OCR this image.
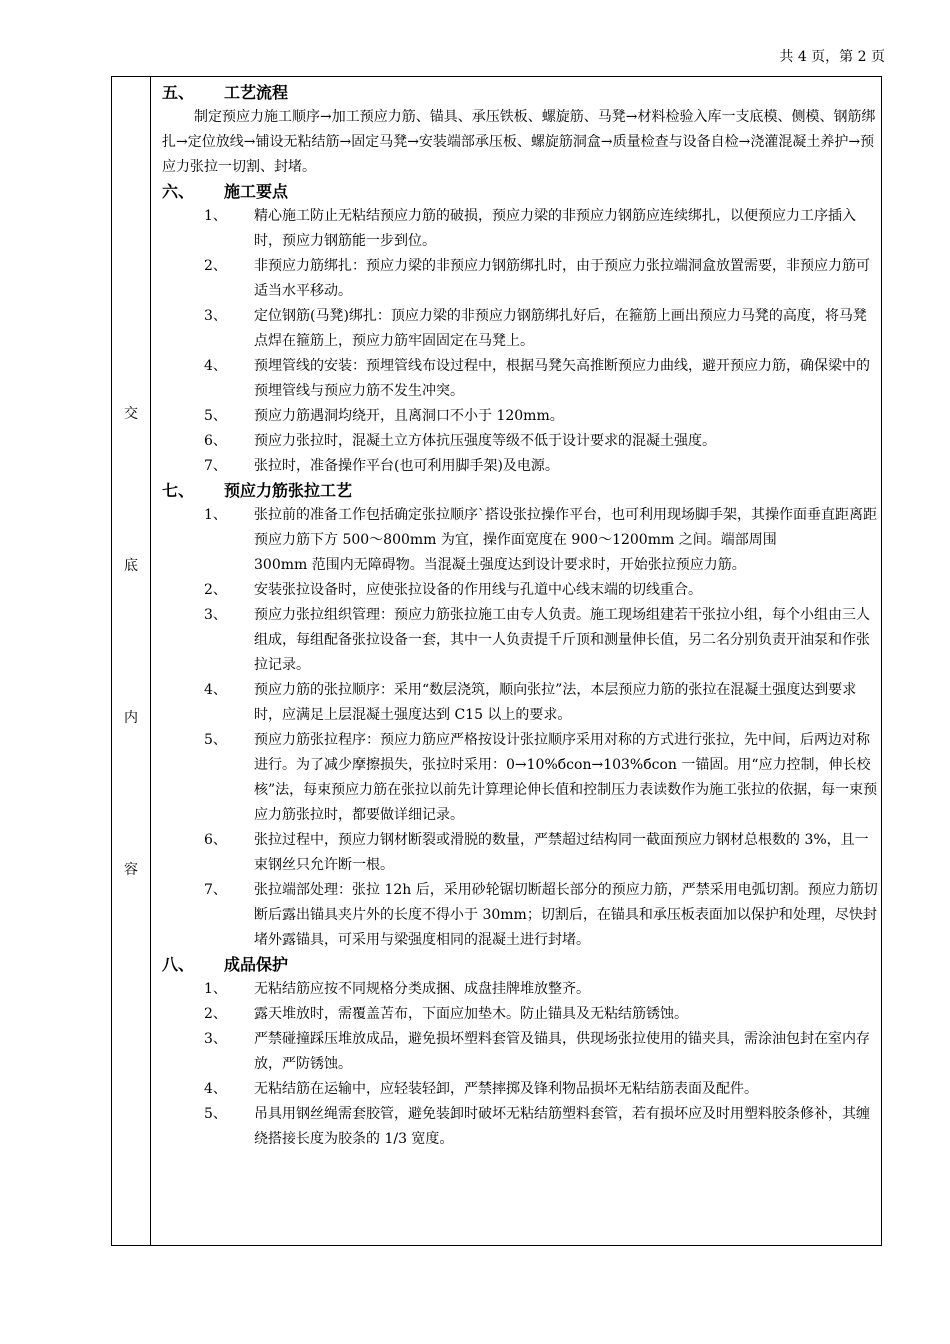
共 4 页，第 2 页
交
底
内
容
五、 工艺流程
制定预应力施工顺序→加工预应力筋、锚具、承压铁板、螺旋筋、马凳→材料检验入库一支底模、侧模、钢筋绑扎→定位放线→铺设无粘结筋→固定马凳→安装端部承压板、螺旋筋洞盒→质量检查与设备自检→浇灌混凝土养护→预应力张拉一切割、封堵。
六、 施工要点
1、 精心施工防止无粘结预应力筋的破损，预应力梁的非预应力钢筋应连续绑扎，以便预应力工序插入时，预应力钢筋能一步到位。
2、 非预应力筋绑扎：预应力梁的非预应力钢筋绑扎时，由于预应力张拉端洞盒放置需要，非预应力筋可适当水平移动。
3、 定位钢筋(马凳)绑扎：顶应力梁的非预应力钢筋绑扎好后，在箍筋上画出预应力马凳的高度，将马凳点焊在箍筋上，预应力筋牢固固定在马凳上。
4、 预埋管线的安装：预埋管线布设过程中，根据马凳矢高推断预应力曲线，避开预应力筋，确保梁中的预埋管线与预应力筋不发生冲突。
5、 预应力筋遇洞均绕开，且离洞口不小于 120mm。
6、 预应力张拉时，混凝土立方体抗压强度等级不低于设计要求的混凝土强度。
7、 张拉时，准备操作平台(也可利用脚手架)及电源。
七、 预应力筋张拉工艺
1、 张拉前的准备工作包括确定张拉顺序`搭设张拉操作平台，也可利用现场脚手架，其操作面垂直距离距预应力筋下方 500～800mm 为宜，操作面宽度在 900～1200mm 之间。端部周围
300mm 范围内无障碍物。当混凝土强度达到设计要求时，开始张拉预应力筋。
2、 安装张拉设备时，应使张拉设备的作用线与孔道中心线末端的切线重合。
3、 预应力张拉组织管理：预应力筋张拉施工由专人负责。施工现场组建若干张拉小组，每个小组由三人组成，每组配备张拉设备一套，其中一人负责提千斤顶和测量伸长值，另二名分别负责开油泵和作张拉记录。
4、 预应力筋的张拉顺序：采用“数层浇筑，顺向张拉”法，本层预应力筋的张拉在混凝土强度达到要求时，应满足上层混凝土强度达到 C15 以上的要求。
5、 预应力筋张拉程序：预应力筋应严格按设计张拉顺序采用对称的方式进行张拉，先中间，后两边对称进行。为了减少摩擦损失，张拉时采用：0→10%бcon→103%бcon 一锚固。用“应力控制，伸长校核”法，每束预应力筋在张拉以前先计算理论伸长值和控制压力表读数作为施工张拉的依据，每一束预应力筋张拉时，都要做详细记录。
6、 张拉过程中，预应力钢材断裂或滑脱的数量，严禁超过结构同一截面预应力钢材总根数的 3%，且一束钢丝只允许断一根。
7、 张拉端部处理：张拉 12h 后，采用砂轮锯切断超长部分的预应力筋，严禁采用电弧切割。预应力筋切断后露出锚具夹片外的长度不得小于 30mm；切割后，在锚具和承压板表面加以保护和处理，尽快封堵外露锚具，可采用与梁强度相同的混凝土进行封堵。
八、 成品保护
1、 无粘结筋应按不同规格分类成捆、成盘挂牌堆放整齐。
2、 露天堆放时，需覆盖苫布，下面应加垫木。防止锚具及无粘结筋锈蚀。
3、 严禁碰撞踩压堆放成品，避免损坏塑料套管及锚具，供现场张拉使用的锚夹具，需涂油包封在室内存放，严防锈蚀。
4、 无粘结筋在运输中，应轻装轻卸，严禁摔掷及锋利物品损坏无粘结筋表面及配件。
5、 吊具用钢丝绳需套胶管，避免装卸时破坏无粘结筋塑料套管，若有损坏应及时用塑料胶条修补，其缠绕搭接长度为胶条的 1/3 宽度。
